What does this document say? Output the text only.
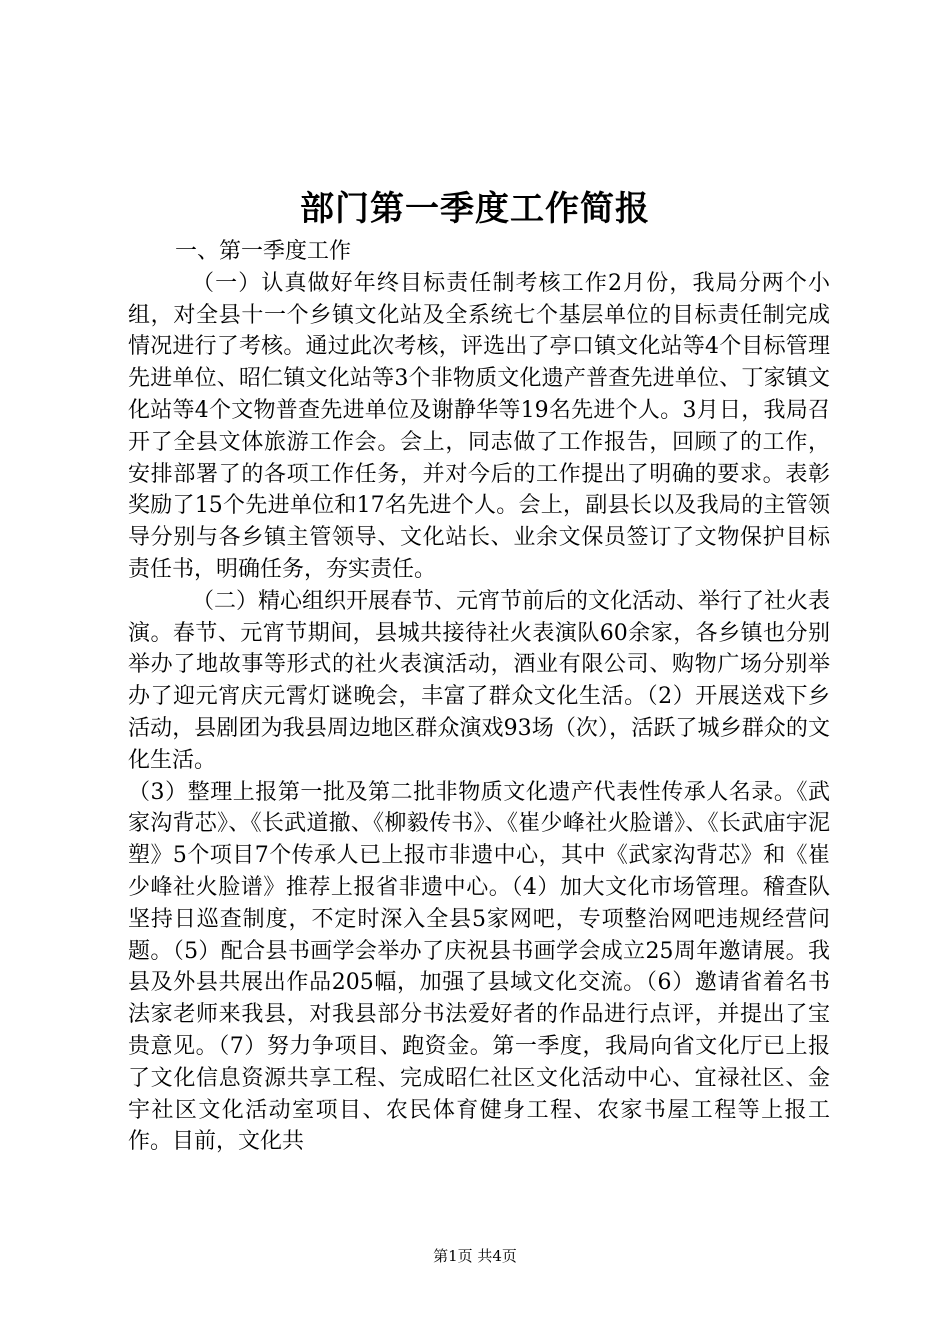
部门第一季度工作简报

一、第一季度工作

（一）认真做好年终目标责任制考核工作2月份，我局分两个小组，对全县十一个乡镇文化站及全系统七个基层单位的目标责任制完成情况进行了考核。通过此次考核，评选出了亭口镇文化站等4个目标管理先进单位、昭仁镇文化站等3个非物质文化遗产普查先进单位、丁家镇文化站等4个文物普查先进单位及谢静华等19名先进个人。3月日，我局召开了全县文体旅游工作会。会上，同志做了工作报告，回顾了的工作，安排部署了的各项工作任务，并对今后的工作提出了明确的要求。表彰奖励了15个先进单位和17名先进个人。会上，副县长以及我局的主管领导分别与各乡镇主管领导、文化站长、业余文保员签订了文物保护目标责任书，明确任务，夯实责任。

（二）精心组织开展春节、元宵节前后的文化活动、举行了社火表演。春节、元宵节期间，县城共接待社火表演队60余家，各乡镇也分别举办了地故事等形式的社火表演活动，酒业有限公司、购物广场分别举办了迎元宵庆元霄灯谜晚会，丰富了群众文化生活。（2）开展送戏下乡活动，县剧团为我县周边地区群众演戏93场（次），活跃了城乡群众的文化生活。

（3）整理上报第一批及第二批非物质文化遗产代表性传承人名录。《武家沟背芯》、《长武道撤、《柳毅传书》、《崔少峰社火脸谱》、《长武庙宇泥塑》5个项目7个传承人已上报市非遗中心，其中《武家沟背芯》和《崔少峰社火脸谱》推荐上报省非遗中心。（4）加大文化市场管理。稽查队坚持日巡查制度，不定时深入全县5家网吧，专项整治网吧违规经营问题。（5）配合县书画学会举办了庆祝县书画学会成立25周年邀请展。我县及外县共展出作品205幅，加强了县域文化交流。（6）邀请省着名书法家老师来我县，对我县部分书法爱好者的作品进行点评，并提出了宝贵意见。（7）努力争项目、跑资金。第一季度，我局向省文化厅已上报了文化信息资源共享工程、完成昭仁社区文化活动中心、宜禄社区、金宇社区文化活动室项目、农民体育健身工程、农家书屋工程等上报工作。目前，文化共

第1页 共4页
